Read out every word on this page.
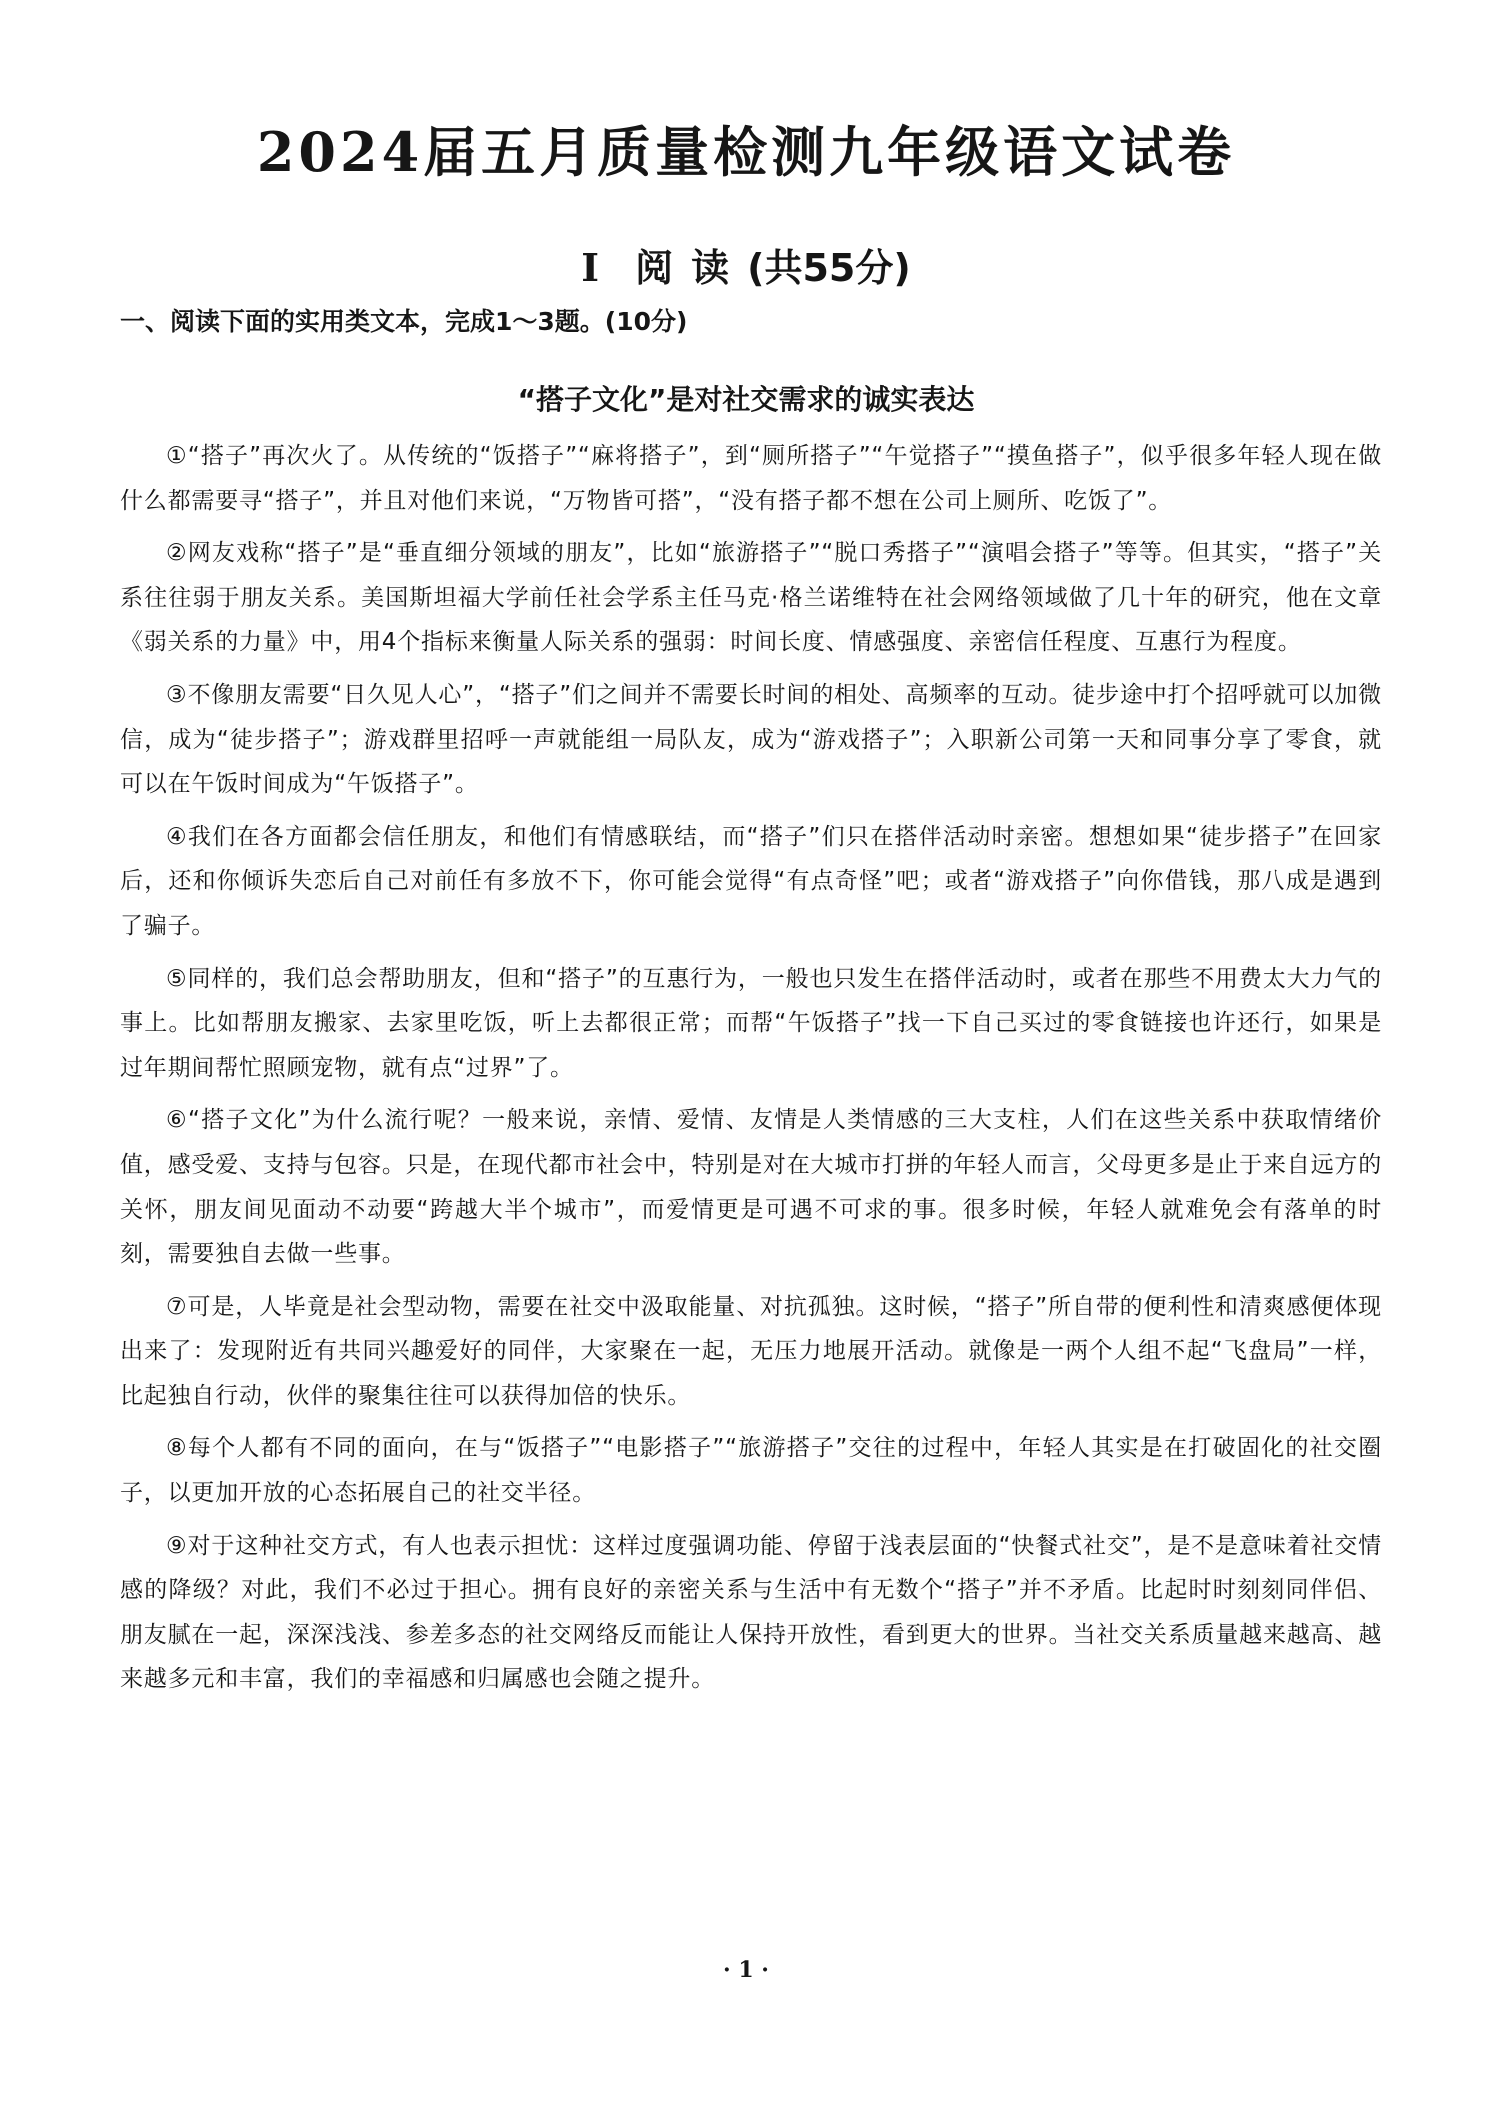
2024届五月质量检测九年级语文试卷
Ⅰ 阅读(共55分)
一、阅读下面的实用类文本，完成1～3题。(10分)
“搭子文化”是对社交需求的诚实表达

①“搭子”再次火了。从传统的“饭搭子”“麻将搭子”，到“厕所搭子”“午觉搭子”“摸鱼搭子”，似乎很多年轻人现在做什么都需要寻“搭子”，并且对他们来说，“万物皆可搭”，“没有搭子都不想在公司上厕所、吃饭了”。

②网友戏称“搭子”是“垂直细分领域的朋友”，比如“旅游搭子”“脱口秀搭子”“演唱会搭子”等等。但其实，“搭子”关系往往弱于朋友关系。美国斯坦福大学前任社会学系主任马克·格兰诺维特在社会网络领域做了几十年的研究，他在文章《弱关系的力量》中，用4个指标来衡量人际关系的强弱：时间长度、情感强度、亲密信任程度、互惠行为程度。

③不像朋友需要“日久见人心”，“搭子”们之间并不需要长时间的相处、高频率的互动。徒步途中打个招呼就可以加微信，成为“徒步搭子”；游戏群里招呼一声就能组一局队友，成为“游戏搭子”；入职新公司第一天和同事分享了零食，就可以在午饭时间成为“午饭搭子”。

④我们在各方面都会信任朋友，和他们有情感联结，而“搭子”们只在搭伴活动时亲密。想想如果“徒步搭子”在回家后，还和你倾诉失恋后自己对前任有多放不下，你可能会觉得“有点奇怪”吧；或者“游戏搭子”向你借钱，那八成是遇到了骗子。

⑤同样的，我们总会帮助朋友，但和“搭子”的互惠行为，一般也只发生在搭伴活动时，或者在那些不用费太大力气的事上。比如帮朋友搬家、去家里吃饭，听上去都很正常；而帮“午饭搭子”找一下自己买过的零食链接也许还行，如果是过年期间帮忙照顾宠物，就有点“过界”了。

⑥“搭子文化”为什么流行呢？一般来说，亲情、爱情、友情是人类情感的三大支柱，人们在这些关系中获取情绪价值，感受爱、支持与包容。只是，在现代都市社会中，特别是对在大城市打拼的年轻人而言，父母更多是止于来自远方的关怀，朋友间见面动不动要“跨越大半个城市”，而爱情更是可遇不可求的事。很多时候，年轻人就难免会有落单的时刻，需要独自去做一些事。

⑦可是，人毕竟是社会型动物，需要在社交中汲取能量、对抗孤独。这时候，“搭子”所自带的便利性和清爽感便体现出来了：发现附近有共同兴趣爱好的同伴，大家聚在一起，无压力地展开活动。就像是一两个人组不起“飞盘局”一样，比起独自行动，伙伴的聚集往往可以获得加倍的快乐。

⑧每个人都有不同的面向，在与“饭搭子”“电影搭子”“旅游搭子”交往的过程中，年轻人其实是在打破固化的社交圈子，以更加开放的心态拓展自己的社交半径。

⑨对于这种社交方式，有人也表示担忧：这样过度强调功能、停留于浅表层面的“快餐式社交”，是不是意味着社交情感的降级？对此，我们不必过于担心。拥有良好的亲密关系与生活中有无数个“搭子”并不矛盾。比起时时刻刻同伴侣、朋友腻在一起，深深浅浅、参差多态的社交网络反而能让人保持开放性，看到更大的世界。当社交关系质量越来越高、越来越多元和丰富，我们的幸福感和归属感也会随之提升。

· 1 ·
